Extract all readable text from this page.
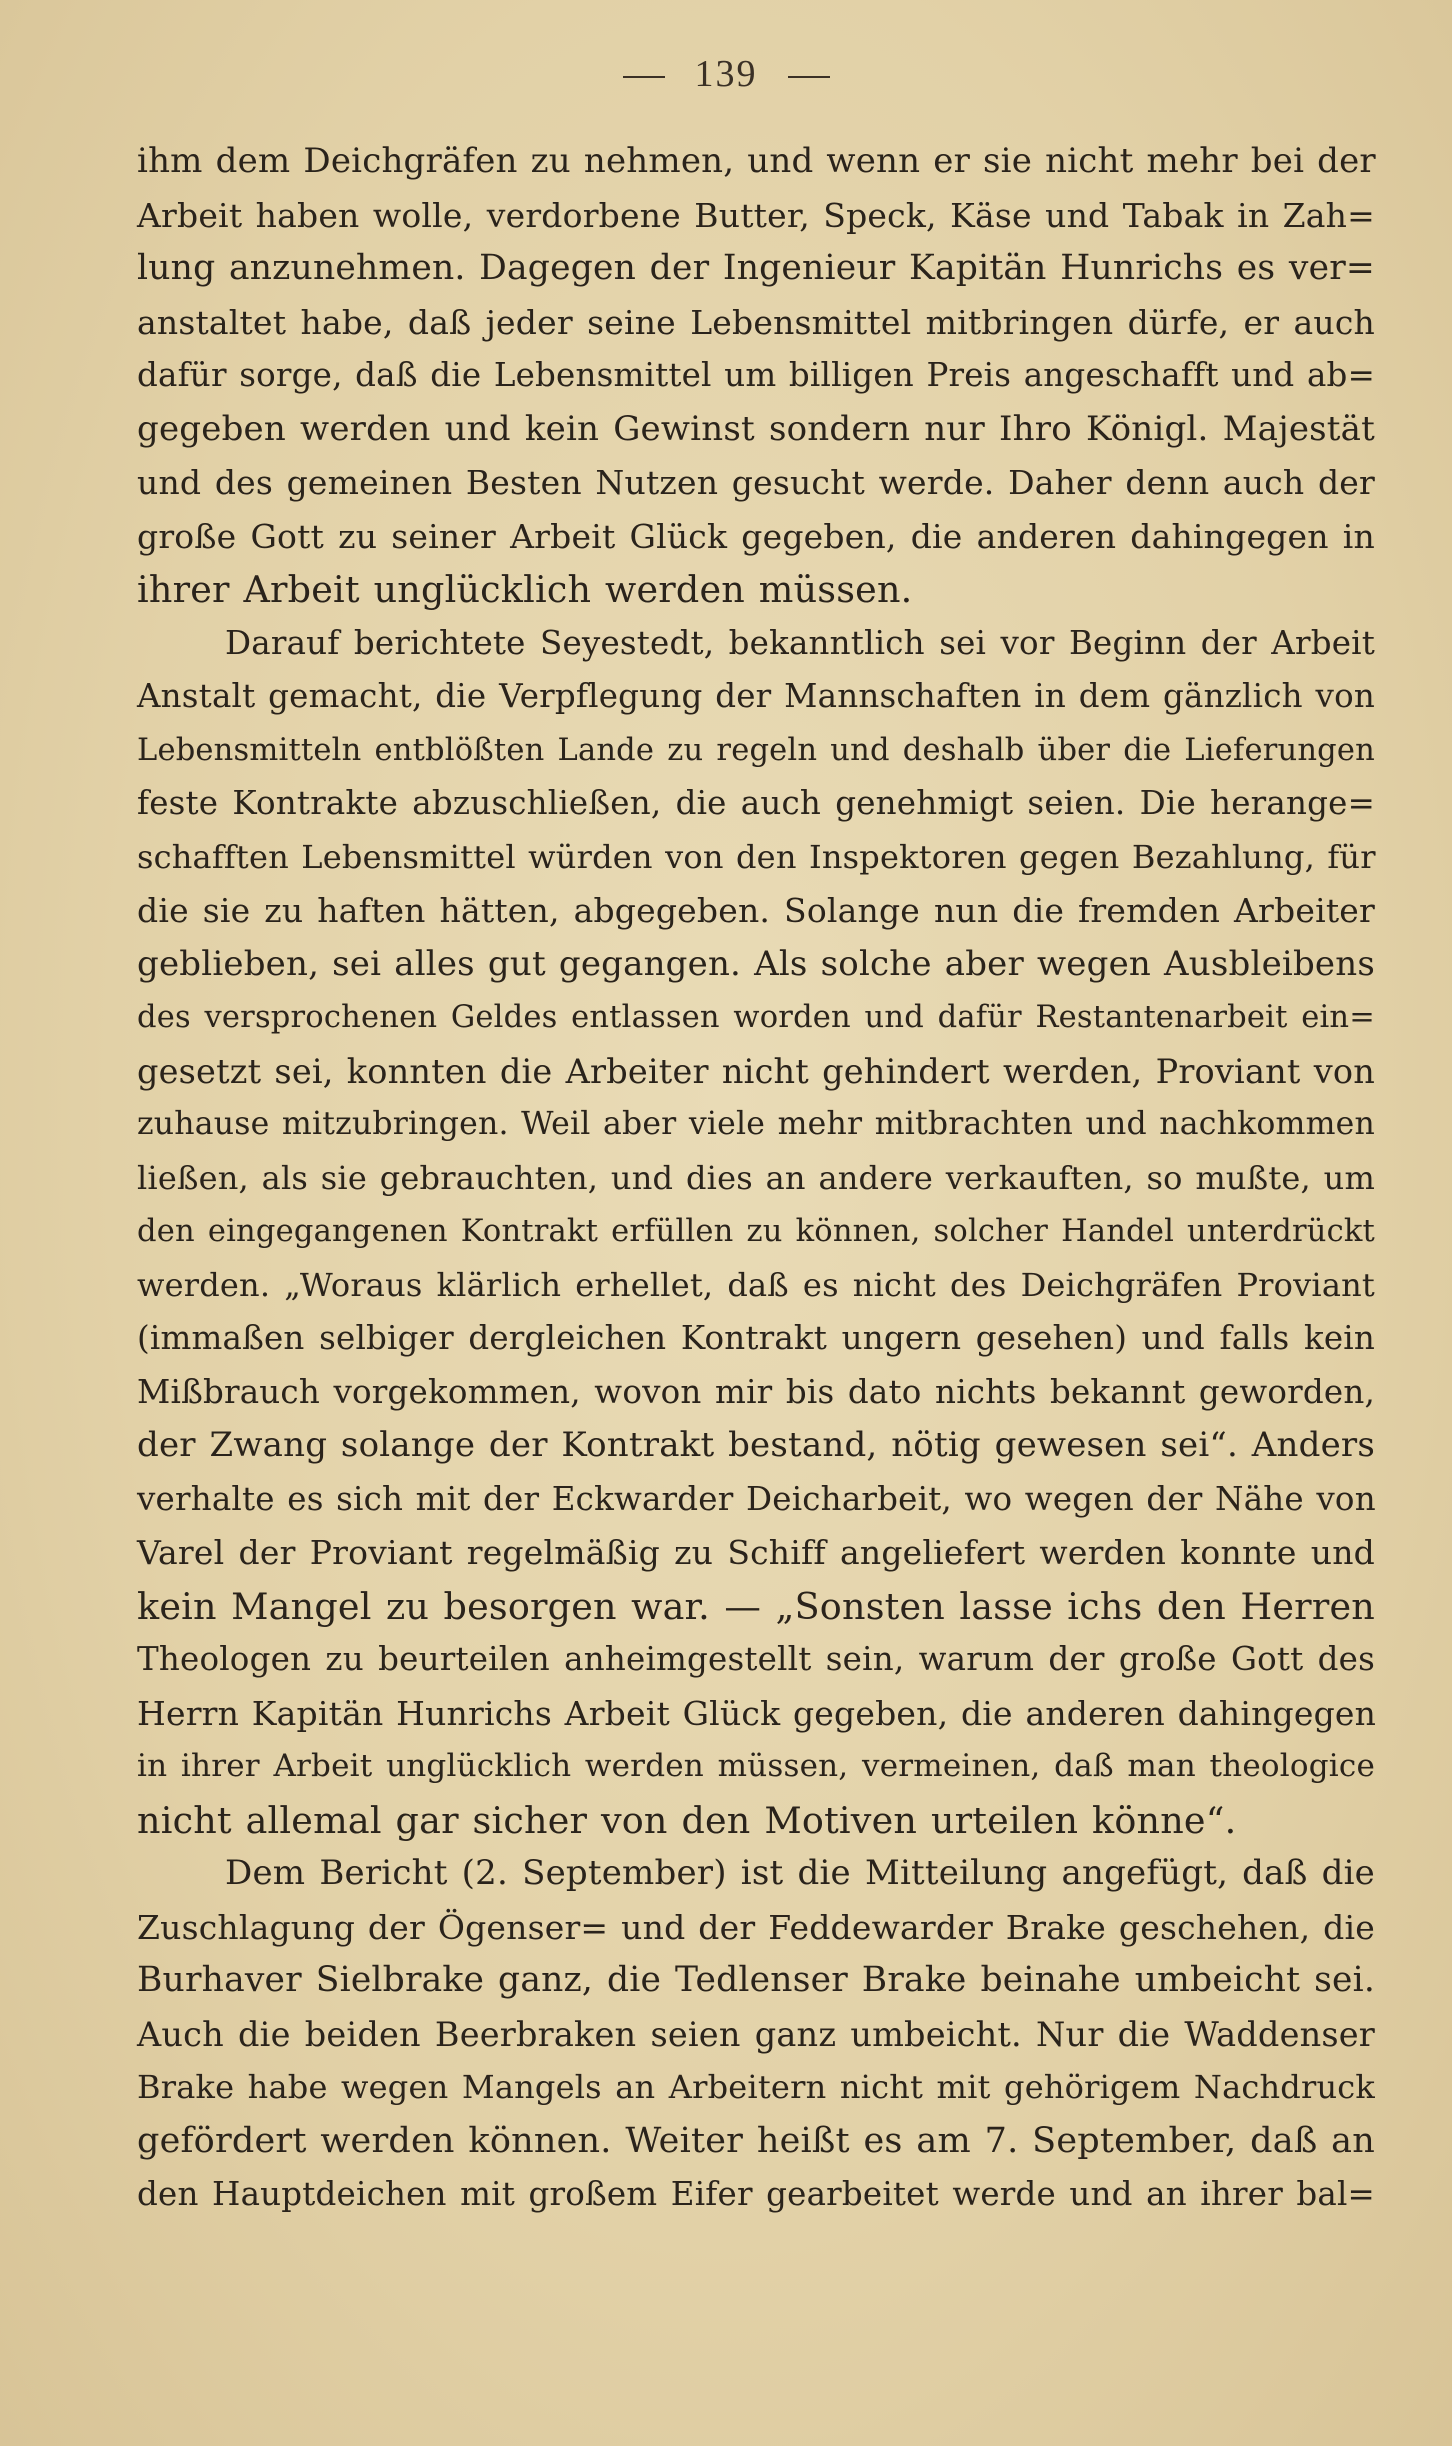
139
ihm dem Deichgräfen zu nehmen, und wenn er sie nicht mehr bei der
Arbeit haben wolle, verdorbene Butter, Speck, Käse und Tabak in Zah=
lung anzunehmen. Dagegen der Ingenieur Kapitän Hunrichs es ver=
anstaltet habe, daß jeder seine Lebensmittel mitbringen dürfe, er auch
dafür sorge, daß die Lebensmittel um billigen Preis angeschafft und ab=
gegeben werden und kein Gewinst sondern nur Ihro Königl. Majestät
und des gemeinen Besten Nutzen gesucht werde. Daher denn auch der
große Gott zu seiner Arbeit Glück gegeben, die anderen dahingegen in
ihrer Arbeit unglücklich werden müssen.
Darauf berichtete Seyestedt, bekanntlich sei vor Beginn der Arbeit
Anstalt gemacht, die Verpflegung der Mannschaften in dem gänzlich von
Lebensmitteln entblößten Lande zu regeln und deshalb über die Lieferungen
feste Kontrakte abzuschließen, die auch genehmigt seien. Die herange=
schafften Lebensmittel würden von den Inspektoren gegen Bezahlung, für
die sie zu haften hätten, abgegeben. Solange nun die fremden Arbeiter
geblieben, sei alles gut gegangen. Als solche aber wegen Ausbleibens
des versprochenen Geldes entlassen worden und dafür Restantenarbeit ein=
gesetzt sei, konnten die Arbeiter nicht gehindert werden, Proviant von
zuhause mitzubringen. Weil aber viele mehr mitbrachten und nachkommen
ließen, als sie gebrauchten, und dies an andere verkauften, so mußte, um
den eingegangenen Kontrakt erfüllen zu können, solcher Handel unterdrückt
werden. „Woraus klärlich erhellet, daß es nicht des Deichgräfen Proviant
(immaßen selbiger dergleichen Kontrakt ungern gesehen) und falls kein
Mißbrauch vorgekommen, wovon mir bis dato nichts bekannt geworden,
der Zwang solange der Kontrakt bestand, nötig gewesen sei“. Anders
verhalte es sich mit der Eckwarder Deicharbeit, wo wegen der Nähe von
Varel der Proviant regelmäßig zu Schiff angeliefert werden konnte und
kein Mangel zu besorgen war. — „Sonsten lasse ichs den Herren
Theologen zu beurteilen anheimgestellt sein, warum der große Gott des
Herrn Kapitän Hunrichs Arbeit Glück gegeben, die anderen dahingegen
in ihrer Arbeit unglücklich werden müssen, vermeinen, daß man theologice
nicht allemal gar sicher von den Motiven urteilen könne“.
Dem Bericht (2. September) ist die Mitteilung angefügt, daß die
Zuschlagung der Ögenser= und der Feddewarder Brake geschehen, die
Burhaver Sielbrake ganz, die Tedlenser Brake beinahe umbeicht sei.
Auch die beiden Beerbraken seien ganz umbeicht. Nur die Waddenser
Brake habe wegen Mangels an Arbeitern nicht mit gehörigem Nachdruck
gefördert werden können. Weiter heißt es am 7. September, daß an
den Hauptdeichen mit großem Eifer gearbeitet werde und an ihrer bal=
